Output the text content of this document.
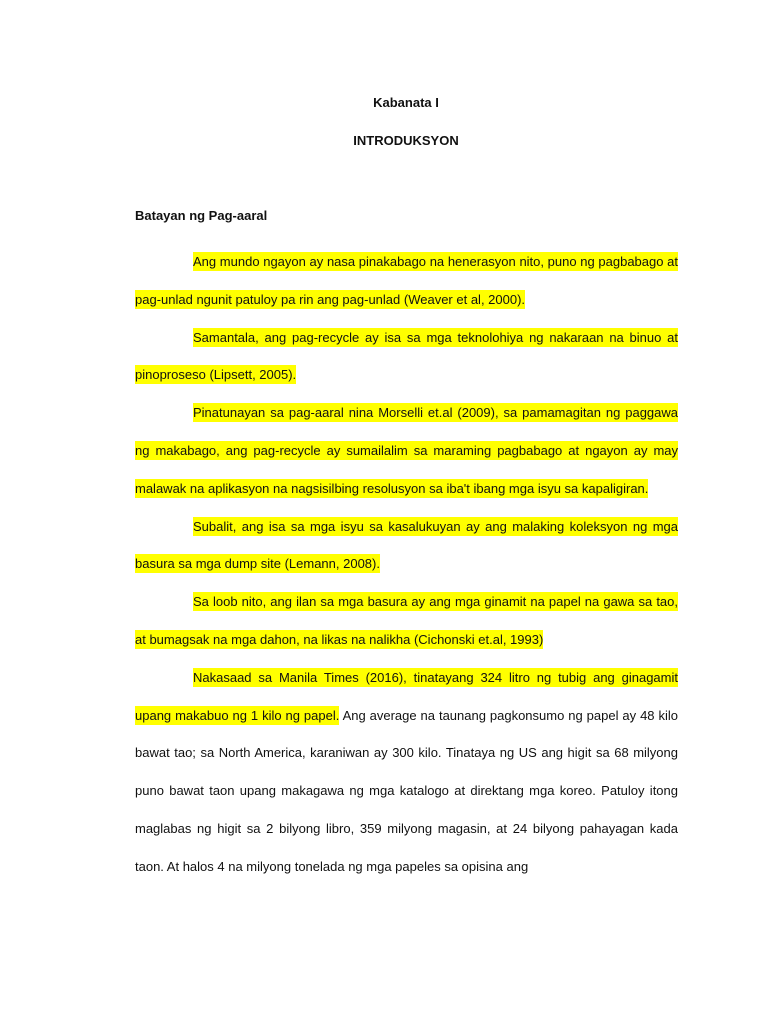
Kabanata I
INTRODUKSYON
Batayan ng Pag-aaral

Ang mundo ngayon ay nasa pinakabago na henerasyon nito, puno ng pagbabago at pag-unlad ngunit patuloy pa rin ang pag-unlad (Weaver et al, 2000).

Samantala, ang pag-recycle ay isa sa mga teknolohiya ng nakaraan na binuo at pinoproseso (Lipsett, 2005).

Pinatunayan sa pag-aaral nina Morselli et.al (2009), sa pamamagitan ng paggawa ng makabago, ang pag-recycle ay sumailalim sa maraming pagbabago at ngayon ay may malawak na aplikasyon na nagsisilbing resolusyon sa iba't ibang mga isyu sa kapaligiran.

Subalit, ang isa sa mga isyu sa kasalukuyan ay ang malaking koleksyon ng mga basura sa mga dump site (Lemann, 2008).

Sa loob nito, ang ilan sa mga basura ay ang mga ginamit na papel na gawa sa tao, at bumagsak na mga dahon, na likas na nalikha (Cichonski et.al, 1993)

Nakasaad sa Manila Times (2016), tinatayang 324 litro ng tubig ang ginagamit upang makabuo ng 1 kilo ng papel. Ang average na taunang pagkonsumo ng papel ay 48 kilo bawat tao; sa North America, karaniwan ay 300 kilo. Tinataya ng US ang higit sa 68 milyong puno bawat taon upang makagawa ng mga katalogo at direktang mga koreo. Patuloy itong maglabas ng higit sa 2 bilyong libro, 359 milyong magasin, at 24 bilyong pahayagan kada taon. At halos 4 na milyong tonelada ng mga papeles sa opisina ang
